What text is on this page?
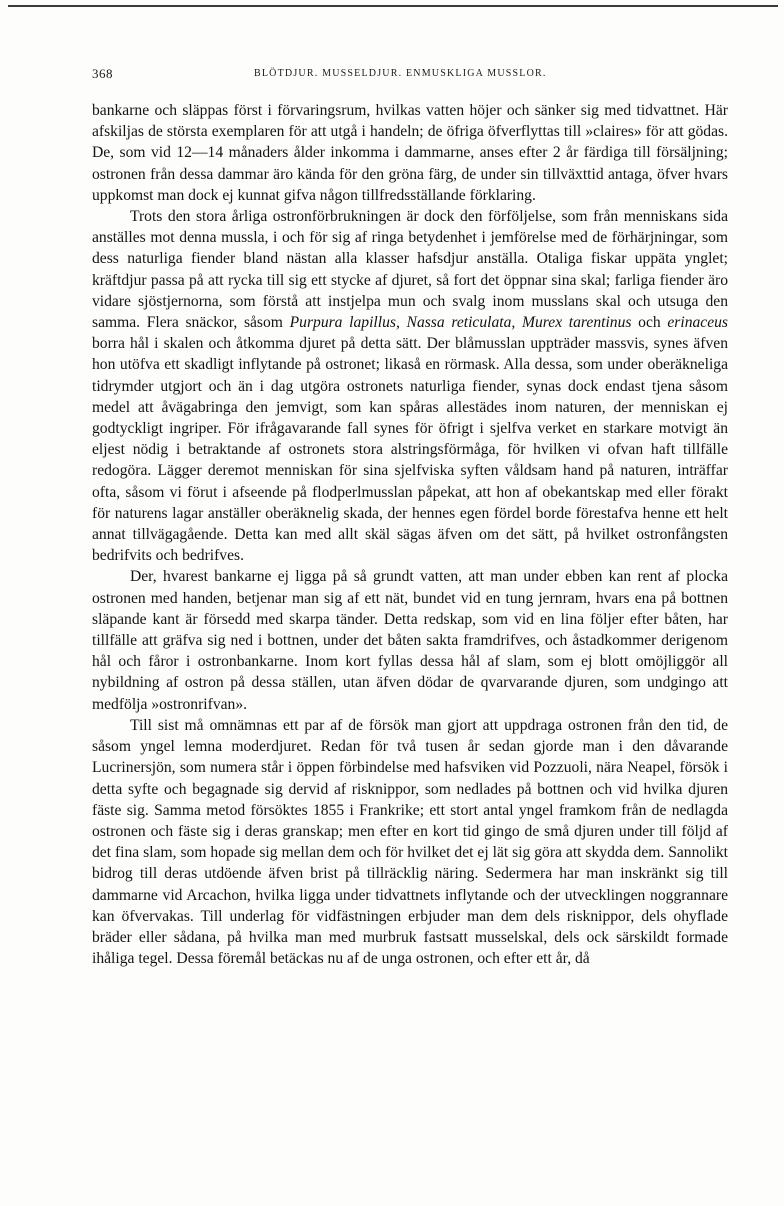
368	BLÖTDJUR. MUSSELDJUR. ENMUSKLIGA MUSSLOR.

bankarne och släppas först i förvaringsrum, hvilkas vatten höjer och sänker sig med tidvattnet. Här afskiljas de största exemplaren för att utgå i handeln; de öfriga öfverflyttas till »claires» för att gödas. De, som vid 12—14 månaders ålder inkomma i dammarne, anses efter 2 år färdiga till försäljning; ostronen från dessa dammar äro kända för den gröna färg, de under sin tillväxttid antaga, öfver hvars uppkomst man dock ej kunnat gifva någon tillfredsställande förklaring.

Trots den stora årliga ostronförbrukningen är dock den förföljelse, som från menniskans sida anställes mot denna mussla, i och för sig af ringa betydenhet i jemförelse med de förhärjningar, som dess naturliga fiender bland nästan alla klasser hafsdjur anställa. Otaliga fiskar uppäta ynglet; kräftdjur passa på att rycka till sig ett stycke af djuret, så fort det öppnar sina skal; farliga fiender äro vidare sjöstjernorna, som förstå att instjelpa mun och svalg inom musslans skal och utsuga den samma. Flera snäckor, såsom Purpura lapillus, Nassa reticulata, Murex tarentinus och erinaceus borra hål i skalen och åtkomma djuret på detta sätt. Der blåmusslan uppträder massvis, synes äfven hon utöfva ett skadligt inflytande på ostronet; likaså en rörmask. Alla dessa, som under oberäkneliga tidrymder utgjort och än i dag utgöra ostronets naturliga fiender, synas dock endast tjena såsom medel att åvägabringa den jemvigt, som kan spåras allestädes inom naturen, der menniskan ej godtyckligt ingriper. För ifrågavarande fall synes för öfrigt i sjelfva verket en starkare motvigt än eljest nödig i betraktande af ostronets stora alstringsförmåga, för hvilken vi ofvan haft tillfälle redogöra. Lägger deremot menniskan för sina sjelfviska syften våldsam hand på naturen, inträffar ofta, såsom vi förut i afseende på flodperlmusslan påpekat, att hon af obekantskap med eller förakt för naturens lagar anställer oberäknelig skada, der hennes egen fördel borde förestafva henne ett helt annat tillvägagående. Detta kan med allt skäl sägas äfven om det sätt, på hvilket ostronfångsten bedrifvits och bedrifves.

Der, hvarest bankarne ej ligga på så grundt vatten, att man under ebben kan rent af plocka ostronen med handen, betjenar man sig af ett nät, bundet vid en tung jernram, hvars ena på bottnen släpande kant är försedd med skarpa tänder. Detta redskap, som vid en lina följer efter båten, har tillfälle att gräfva sig ned i bottnen, under det båten sakta framdrifves, och åstadkommer derigenom hål och fåror i ostronbankarne. Inom kort fyllas dessa hål af slam, som ej blott omöjliggör all nybildning af ostron på dessa ställen, utan äfven dödar de qvarvarande djuren, som undgingo att medfölja »ostronrifvan».

Till sist må omnämnas ett par af de försök man gjort att uppdraga ostronen från den tid, de såsom yngel lemna moderdjuret. Redan för två tusen år sedan gjorde man i den dåvarande Lucrinersjön, som numera står i öppen förbindelse med hafsviken vid Pozzuoli, nära Neapel, försök i detta syfte och begagnade sig dervid af risknippor, som nedlades på bottnen och vid hvilka djuren fäste sig. Samma metod försöktes 1855 i Frankrike; ett stort antal yngel framkom från de nedlagda ostronen och fäste sig i deras granskap; men efter en kort tid gingo de små djuren under till följd af det fina slam, som hopade sig mellan dem och för hvilket det ej lät sig göra att skydda dem. Sannolikt bidrog till deras utdöende äfven brist på tillräcklig näring. Sedermera har man inskränkt sig till dammarne vid Arcachon, hvilka ligga under tidvattnets inflytande och der utvecklingen noggrannare kan öfvervakas. Till underlag för vidfästningen erbjuder man dem dels risknippor, dels ohyflade bräder eller sådana, på hvilka man med murbruk fastsatt musselskal, dels ock särskildt formade ihåliga tegel. Dessa föremål betäckas nu af de unga ostronen, och efter ett år, då
